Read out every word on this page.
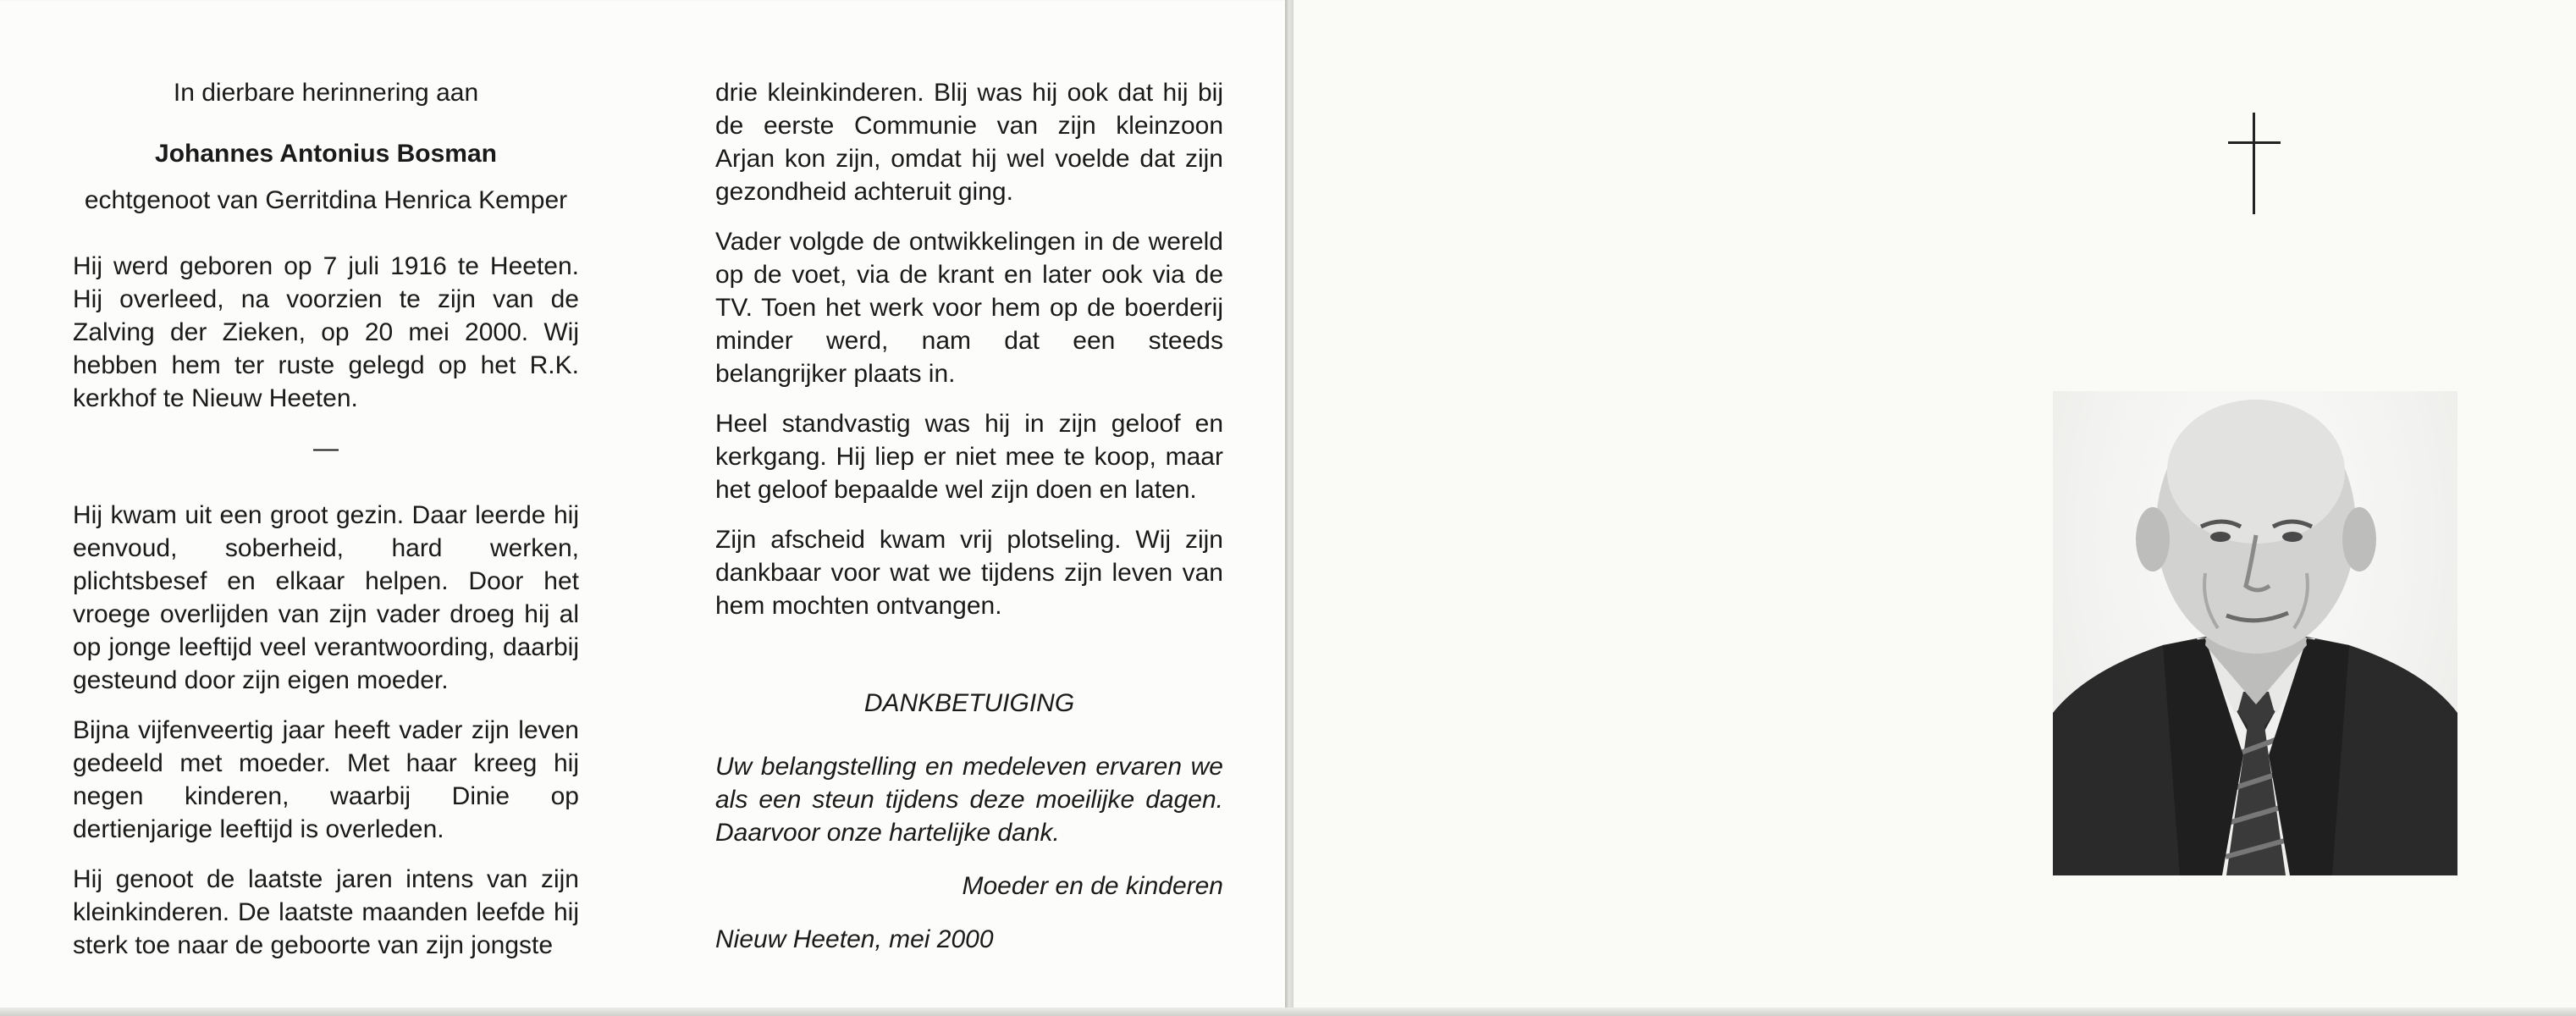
In dierbare herinnering aan
Johannes Antonius Bosman
echtgenoot van Gerritdina Henrica Kemper

Hij werd geboren op 7 juli 1916 te Heeten. Hij overleed, na voorzien te zijn van de Zalving der Zieken, op 20 mei 2000. Wij hebben hem ter ruste gelegd op het R.K. kerkhof te Nieuw Heeten.

—

Hij kwam uit een groot gezin. Daar leerde hij eenvoud, soberheid, hard werken, plichtsbesef en elkaar helpen. Door het vroege overlijden van zijn vader droeg hij al op jonge leeftijd veel verantwoording, daarbij gesteund door zijn eigen moeder.

Bijna vijfenveertig jaar heeft vader zijn leven gedeeld met moeder. Met haar kreeg hij negen kinderen, waarbij Dinie op dertienjarige leeftijd is overleden.

Hij genoot de laatste jaren intens van zijn kleinkinderen. De laatste maanden leefde hij sterk toe naar de geboorte van zijn jongste

drie kleinkinderen. Blij was hij ook dat hij bij de eerste Communie van zijn kleinzoon Arjan kon zijn, omdat hij wel voelde dat zijn gezondheid achteruit ging.

Vader volgde de ontwikkelingen in de wereld op de voet, via de krant en later ook via de TV. Toen het werk voor hem op de boerderij minder werd, nam dat een steeds belangrijker plaats in.

Heel standvastig was hij in zijn geloof en kerkgang. Hij liep er niet mee te koop, maar het geloof bepaalde wel zijn doen en laten.

Zijn afscheid kwam vrij plotseling. Wij zijn dankbaar voor wat we tijdens zijn leven van hem mochten ontvangen.

DANKBETUIGING

Uw belangstelling en medeleven ervaren we als een steun tijdens deze moeilijke dagen. Daarvoor onze hartelijke dank.

Moeder en de kinderen

Nieuw Heeten, mei 2000
